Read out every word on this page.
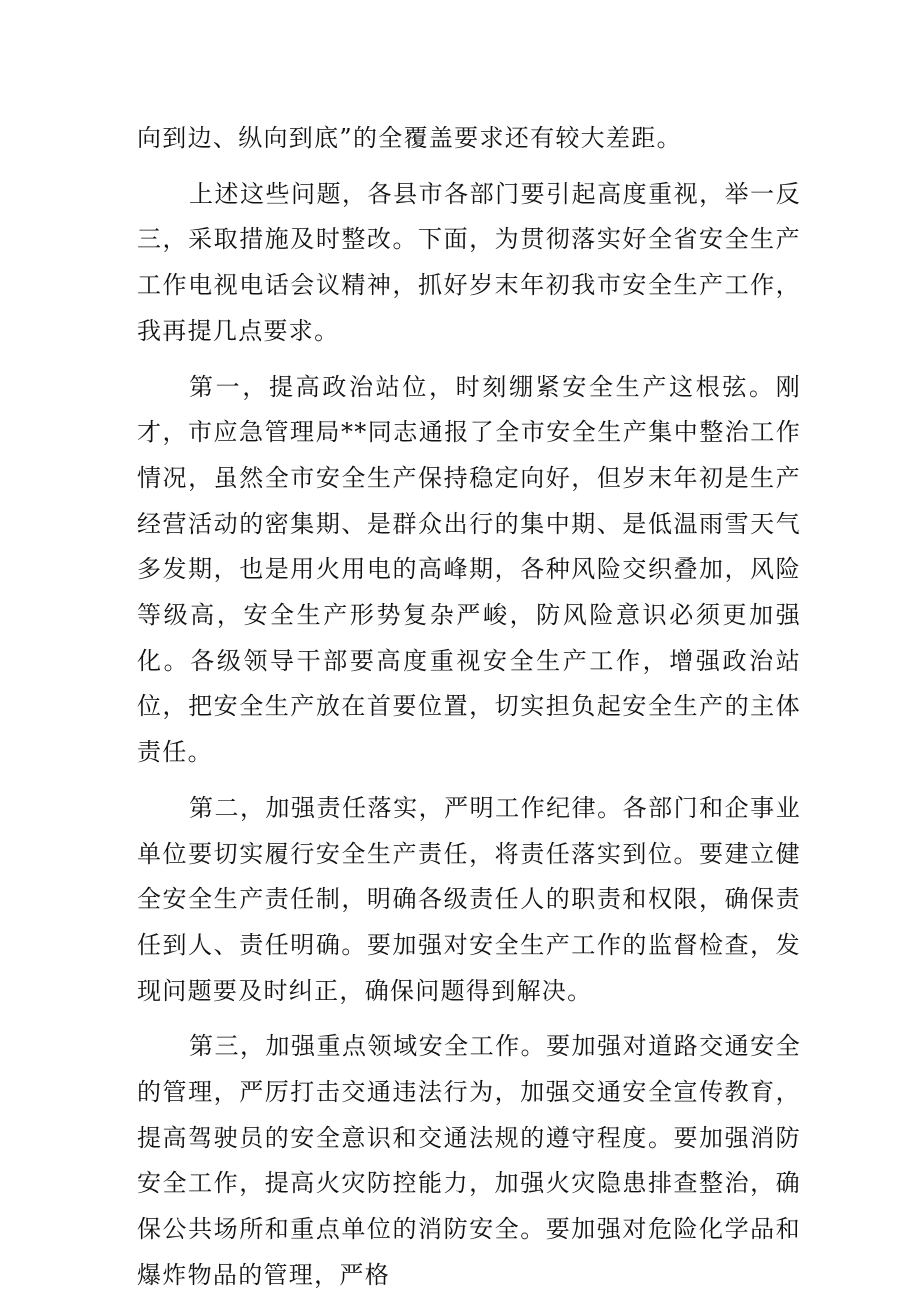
向到边、纵向到底”的全覆盖要求还有较大差距。

上述这些问题，各县市各部门要引起高度重视，举一反三，采取措施及时整改。下面，为贯彻落实好全省安全生产工作电视电话会议精神，抓好岁末年初我市安全生产工作，我再提几点要求。

第一，提高政治站位，时刻绷紧安全生产这根弦。刚才，市应急管理局**同志通报了全市安全生产集中整治工作情况，虽然全市安全生产保持稳定向好，但岁末年初是生产经营活动的密集期、是群众出行的集中期、是低温雨雪天气多发期，也是用火用电的高峰期，各种风险交织叠加，风险等级高，安全生产形势复杂严峻，防风险意识必须更加强化。各级领导干部要高度重视安全生产工作，增强政治站位，把安全生产放在首要位置，切实担负起安全生产的主体责任。

第二，加强责任落实，严明工作纪律。各部门和企事业单位要切实履行安全生产责任，将责任落实到位。要建立健全安全生产责任制，明确各级责任人的职责和权限，确保责任到人、责任明确。要加强对安全生产工作的监督检查，发现问题要及时纠正，确保问题得到解决。

第三，加强重点领域安全工作。要加强对道路交通安全的管理，严厉打击交通违法行为，加强交通安全宣传教育，提高驾驶员的安全意识和交通法规的遵守程度。要加强消防安全工作，提高火灾防控能力，加强火灾隐患排查整治，确保公共场所和重点单位的消防安全。要加强对危险化学品和爆炸物品的管理，严格
